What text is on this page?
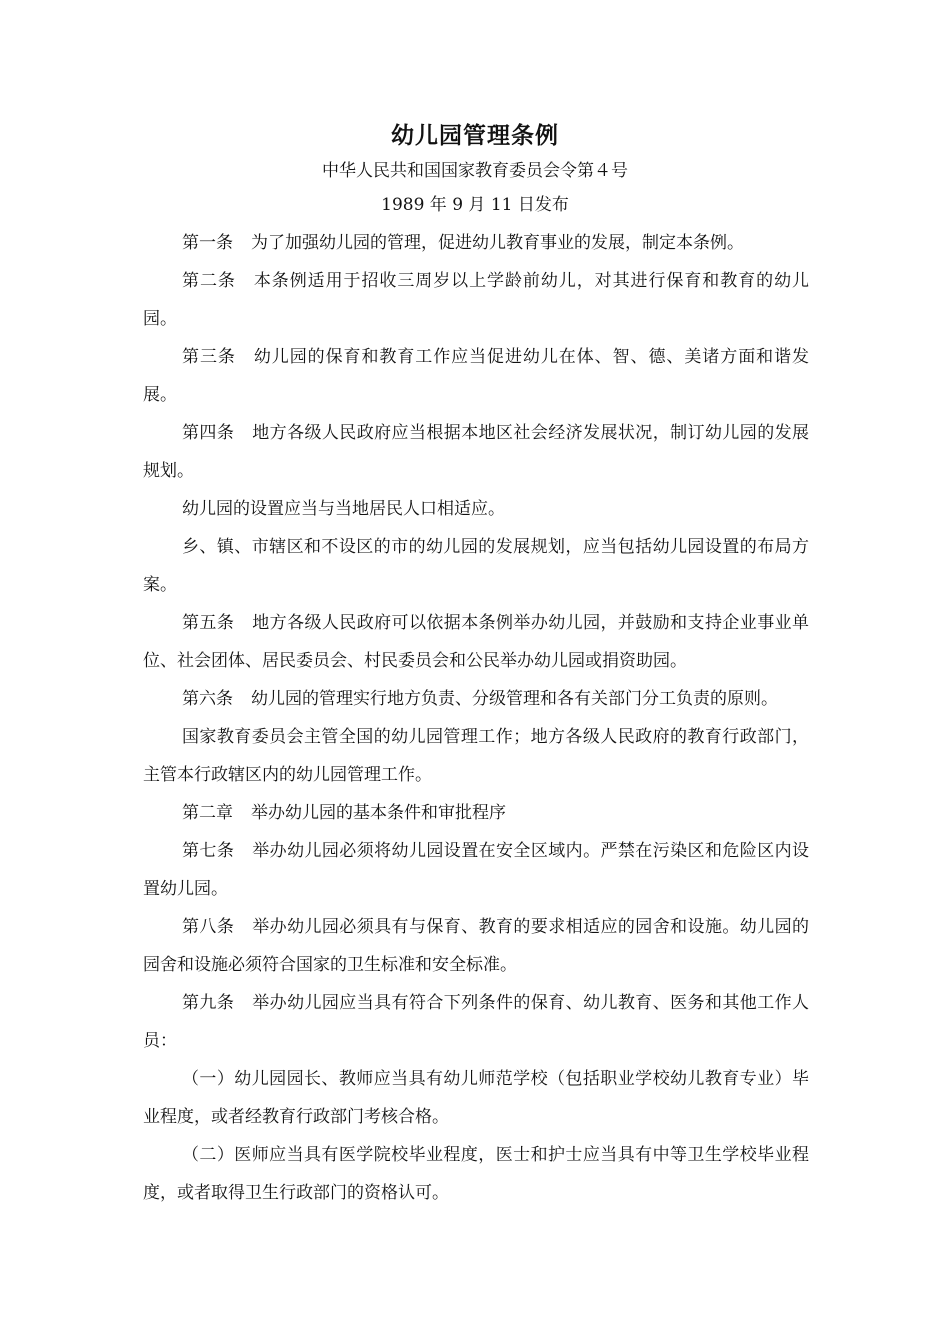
幼儿园管理条例

中华人民共和国国家教育委员会令第４号

1989 年 9 月 11 日发布

第一条 为了加强幼儿园的管理，促进幼儿教育事业的发展，制定本条例。

第二条 本条例适用于招收三周岁以上学龄前幼儿，对其进行保育和教育的幼儿园。

第三条 幼儿园的保育和教育工作应当促进幼儿在体、智、德、美诸方面和谐发展。

第四条 地方各级人民政府应当根据本地区社会经济发展状况，制订幼儿园的发展规划。

幼儿园的设置应当与当地居民人口相适应。

乡、镇、市辖区和不设区的市的幼儿园的发展规划，应当包括幼儿园设置的布局方案。

第五条 地方各级人民政府可以依据本条例举办幼儿园，并鼓励和支持企业事业单位、社会团体、居民委员会、村民委员会和公民举办幼儿园或捐资助园。

第六条 幼儿园的管理实行地方负责、分级管理和各有关部门分工负责的原则。

国家教育委员会主管全国的幼儿园管理工作；地方各级人民政府的教育行政部门，主管本行政辖区内的幼儿园管理工作。

第二章 举办幼儿园的基本条件和审批程序

第七条 举办幼儿园必须将幼儿园设置在安全区域内。严禁在污染区和危险区内设置幼儿园。

第八条 举办幼儿园必须具有与保育、教育的要求相适应的园舍和设施。幼儿园的园舍和设施必须符合国家的卫生标准和安全标准。

第九条 举办幼儿园应当具有符合下列条件的保育、幼儿教育、医务和其他工作人员：

（一）幼儿园园长、教师应当具有幼儿师范学校（包括职业学校幼儿教育专业）毕业程度，或者经教育行政部门考核合格。

（二）医师应当具有医学院校毕业程度，医士和护士应当具有中等卫生学校毕业程度，或者取得卫生行政部门的资格认可。
